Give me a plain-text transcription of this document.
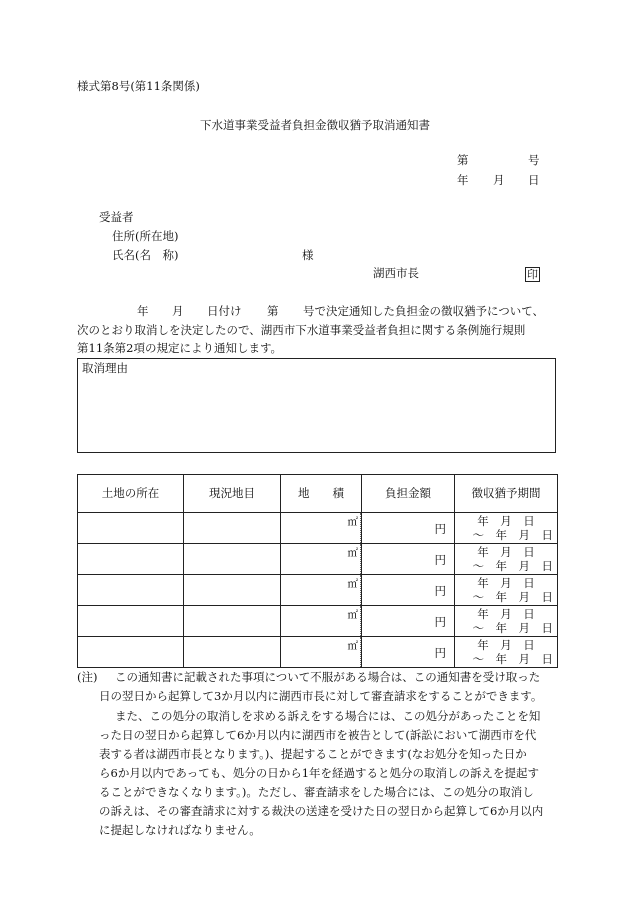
様式第8号(第11条関係)
下水道事業受益者負担金徴収猶予取消通知書
第	号
年 月 日
受益者
住所(所在地)
氏名(名　称)	様
湖西市長	印
年 月 日付け 第 号で決定通知した負担金の徴収猶予について、
次のとおり取消しを決定したので、湖西市下水道事業受益者負担に関する条例施行規則
第11条第2項の規定により通知します。
取消理由
土地の所在	現況地目	地　　積	負担金額	徴収猶予期間

		㎡	円	年　月　日
～　年　月　日

		㎡	円	年　月　日
～　年　月　日

		㎡	円	年　月　日
～　年　月　日

		㎡	円	年　月　日
～　年　月　日

		㎡	円	年　月　日
～　年　月　日
(注) この通知書に記載された事項について不服がある場合は、この通知書を受け取った
日の翌日から起算して3か月以内に湖西市長に対して審査請求をすることができます。
また、この処分の取消しを求める訴えをする場合には、この処分があったことを知
った日の翌日から起算して6か月以内に湖西市を被告として(訴訟において湖西市を代
表する者は湖西市長となります。)、提起することができます(なお処分を知った日か
ら6か月以内であっても、処分の日から1年を経過すると処分の取消しの訴えを提起す
ることができなくなります。)。ただし、審査請求をした場合には、この処分の取消し
の訴えは、その審査請求に対する裁決の送達を受けた日の翌日から起算して6か月以内
に提起しなければなりません。
